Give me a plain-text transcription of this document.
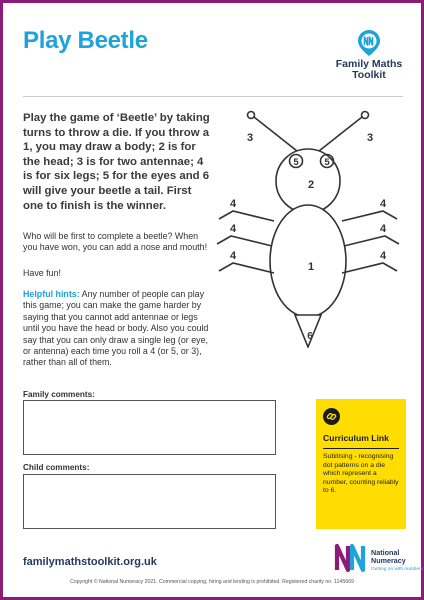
Play Beetle
Family Maths
Toolkit
Play the game of ‘Beetle’ by taking turns to throw a die. If you throw a 1, you may draw a body; 2 is for the head; 3 is for two antennae; 4 is for six legs; 5 for the eyes and 6 will give your beetle a tail. First one to finish is the winner.
Who will be first to complete a beetle? When you have won, you can add a nose and mouth!
Have fun!
Helpful hints: Any number of people can play this game; you can make the game harder by saying that you cannot add antennae or legs until you have the head or body. Also you could say that you can only draw a single leg (or eye, or antenna) each time you roll a 4 (or 5, or 3), rather than all of them.
3	3
5	5
2
1
6
4
4
4
4
4
4
Family comments:
Child comments:
Curriculum Link
Subitising - recognising dot patterns on a die which represent a number, counting reliably to 6.
familymathstoolkit.org.uk
National
Numeracy
Getting on with numbers
Copyright © National Numeracy 2021. Commercial copying, hiring and lending is prohibited. Registered charity no. 1145669
